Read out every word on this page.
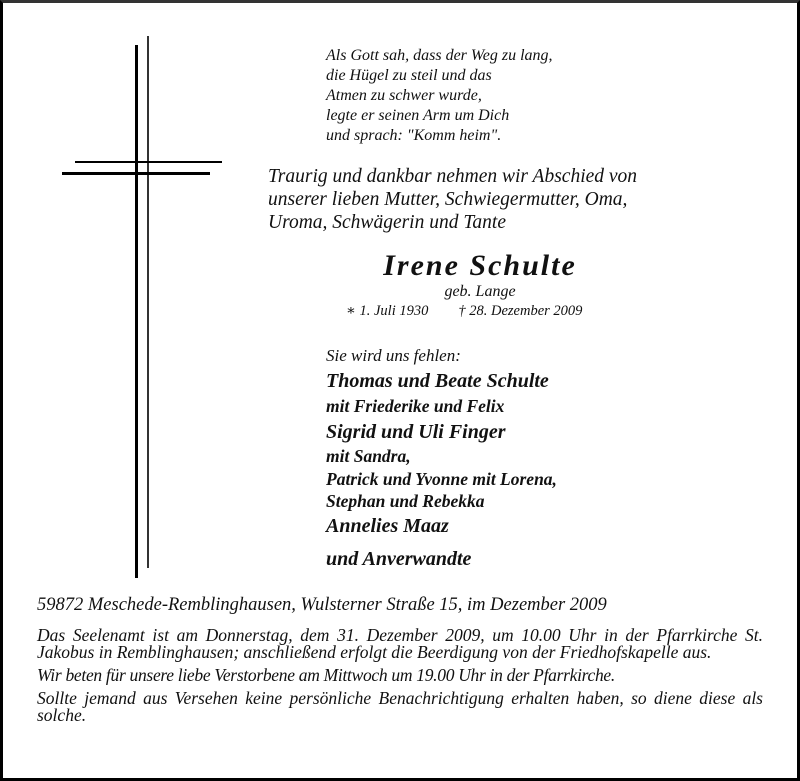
Als Gott sah, dass der Weg zu lang,
die Hügel zu steil und das
Atmen zu schwer wurde,
legte er seinen Arm um Dich
und sprach: "Komm heim".
Traurig und dankbar nehmen wir Abschied von
unserer lieben Mutter, Schwiegermutter, Oma,
Uroma, Schwägerin und Tante
Irene Schulte
geb. Lange
∗ 1. Juli 1930 † 28. Dezember 2009
Sie wird uns fehlen:
Thomas und Beate Schulte
mit Friederike und Felix
Sigrid und Uli Finger
mit Sandra,
Patrick und Yvonne mit Lorena,
Stephan und Rebekka
Annelies Maaz
und Anverwandte

59872 Meschede-Remblinghausen, Wulsterner Straße 15, im Dezember 2009

Das Seelenamt ist am Donnerstag, dem 31. Dezember 2009, um 10.00 Uhr in der Pfarrkirche St. Jakobus in Remblinghausen; anschließend erfolgt die Beerdigung von der Friedhofskapelle aus.

Wir beten für unsere liebe Verstorbene am Mittwoch um 19.00 Uhr in der Pfarrkirche.

Sollte jemand aus Versehen keine persönliche Benachrichtigung erhalten haben, so diene diese als solche.
